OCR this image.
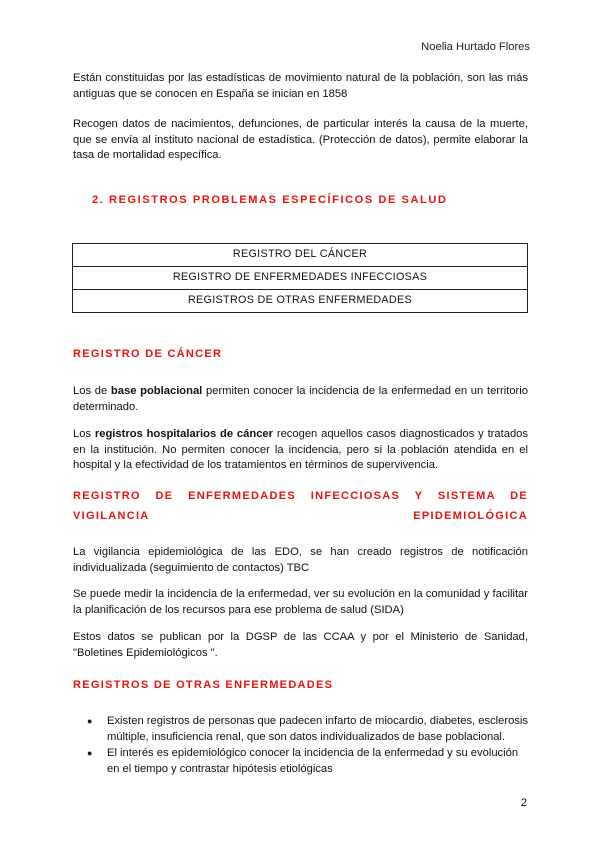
Noelia Hurtado Flores

Están constituidas por las estadísticas de movimiento natural de la población, son las más antiguas que se conocen en España se inician en 1858

Recogen datos de nacimientos, defunciones, de particular interés la causa de la muerte, que se envía al instituto nacional de estadística. (Protección de datos), permite elaborar la tasa de mortalidad específica.

2. REGISTROS PROBLEMAS ESPECÍFICOS DE SALUD
REGISTRO DEL CÁNCER
REGISTRO DE ENFERMEDADES INFECCIOSAS
REGISTROS DE OTRAS ENFERMEDADES
REGISTRO DE CÁNCER

Los de base poblacional permiten conocer la incidencia de la enfermedad en un territorio determinado.

Los registros hospitalarios de cáncer recogen aquellos casos diagnosticados y tratados en la institución. No permiten conocer la incidencia, pero si la población atendida en el hospital y la efectividad de los tratamientos en términos de supervivencia.

REGISTRO DE ENFERMEDADES INFECCIOSAS Y SISTEMA DE
VIGILANCIA EPIDEMIOLÓGICA

La vigilancia epidemiológica de las EDO, se han creado registros de notificación individualizada (seguimiento de contactos) TBC

Se puede medir la incidencia de la enfermedad, ver su evolución en la comunidad y facilitar la planificación de los recursos para ese problema de salud (SIDA)

Estos datos se publican por la DGSP de las CCAA y por el Ministerio de Sanidad, "Boletines Epidemiológicos ".

REGISTROS DE OTRAS ENFERMEDADES
● Existen registros de personas que padecen infarto de miocardio, diabetes, esclerosis múltiple, insuficiencia renal, que son datos individualizados de base poblacional.
● El interés es epidemiológico conocer la incidencia de la enfermedad y su evolución en el tiempo y contrastar hipótesis etiológicas
2
